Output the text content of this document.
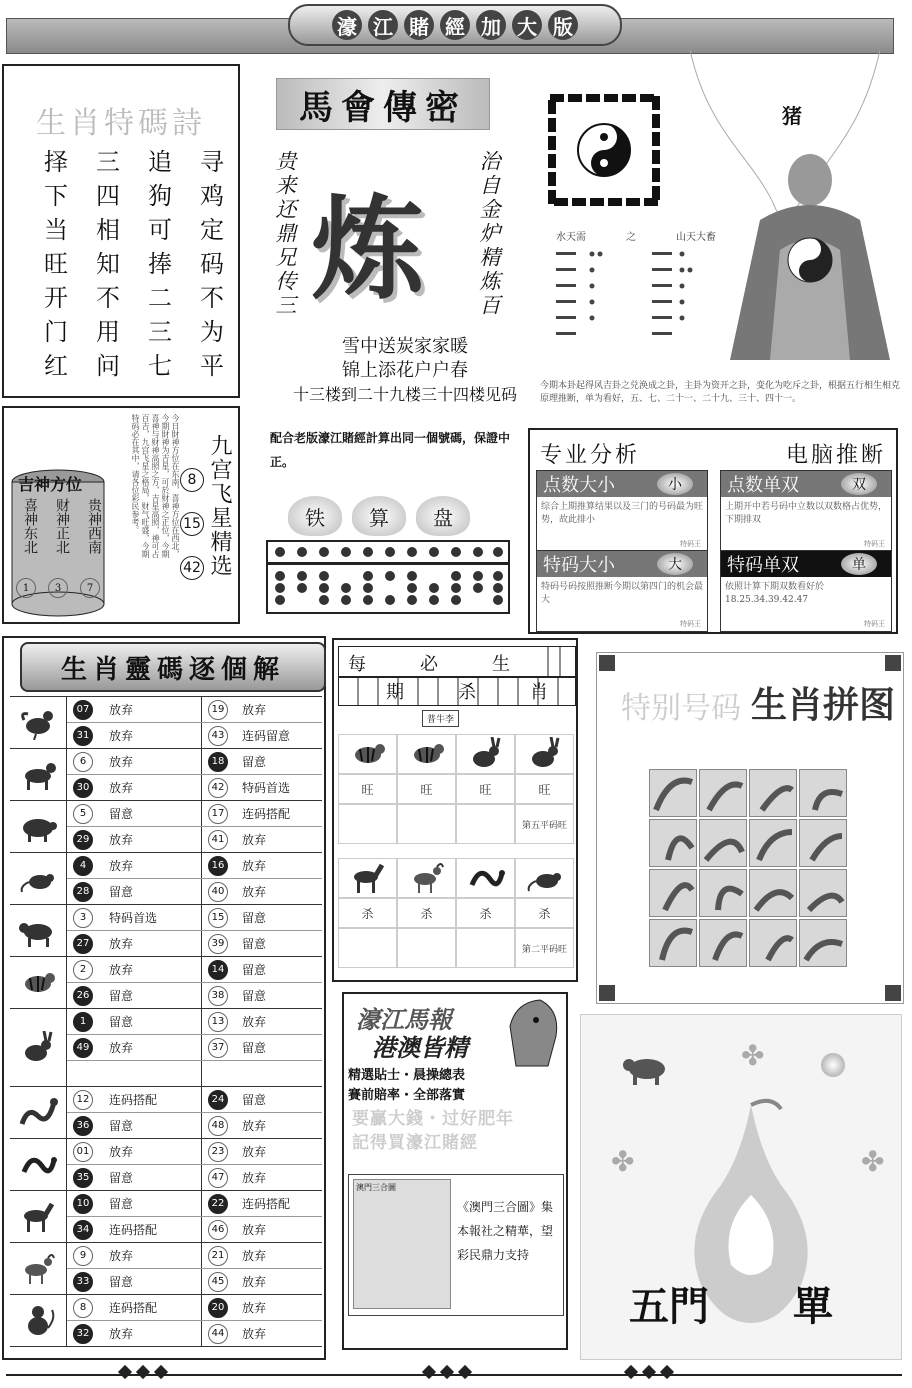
濠 江 賭 經 加 大 版
生肖特碼詩
择	三	追	寻
下	四	狗	鸡
当	相	可	定
旺	知	捧	码
开	不	二	不
门	用	三	为
红	问	七	平
馬會傳密
贵来还鼎兄传三	治自金炉精炼百
炼
雪中送炭家家暖
锦上添花户户春
十三楼到二十九楼三十四楼见码
猪
水天需	之	山天大畜
今期本卦起得风吉卦之兑涣成之卦，主卦为资开之卦，变化为吃斥之卦，根据五行相生相克原理推断，单为看好，五、七、二十一、二十九、三十、四十一。
今日財神方位在东南，喜神方位在西北，今期財神为吉星，可於财神之正位，今期喜神与财神高照之方，吉星高照，神可占百吉，九宫飞星之格局，财气旺盛，今期特码必在其中，请各位彩民参考。	九宫飞星精选
8
15
42
吉神方位
喜神东北 财神正北 贵神西南
1	3	7
配合老版濠江賭經計算出同一個號碼，保證中正。
铁	算	盘
专业分析	电脑推断
点数大小	小
综合上期推算结果以及三门的号码最为旺势，故此排小
特码王
点数单双	双
上期开中若号码中立数以双数格占优势，下期排双
特码王
特码大小	大
特码号码按照推断今期以第四门的机会最大
特码王
特码单双	单
依照计算下期双数看好於18.25.34.39.42.47
特码王
生肖靈碼逐個解
07	放弃	19	放弃
31	放弃	43	连码留意
6	放弃	18	留意
30	放弃	42	特码首选
5	留意	17	连码搭配
29	放弃	41	放弃
4	放弃	16	放弃
28	留意	40	放弃
3	特码首选	15	留意
27	放弃	39	留意
2	放弃	14	留意
26	留意	38	留意
1	留意	13	放弃
49	放弃	37	留意
12	连码搭配	24	留意
36	留意	48	放弃
01	放弃	23	放弃
35	留意	47	放弃
10	留意	22	连码搭配
34	连码搭配	46	放弃
9	放弃	21	放弃
33	留意	45	放弃
8	连码搭配	20	放弃
32	放弃	44	放弃
每	必	生
期	杀	肖
普牛李
旺	旺	旺	旺
第五平码旺
杀	杀	杀	杀
第二平码旺
特别号码 生肖拼图
濠江馬報
港澳皆精
精選貼士・晨操總表
賽前賠率・全部落實
要贏大錢・过好肥年
記得買濠江賭經
澳門三合圖
《澳門三合圖》集本報社之精華，望彩民鼎力支持
✤	✤
✤
五門 單
